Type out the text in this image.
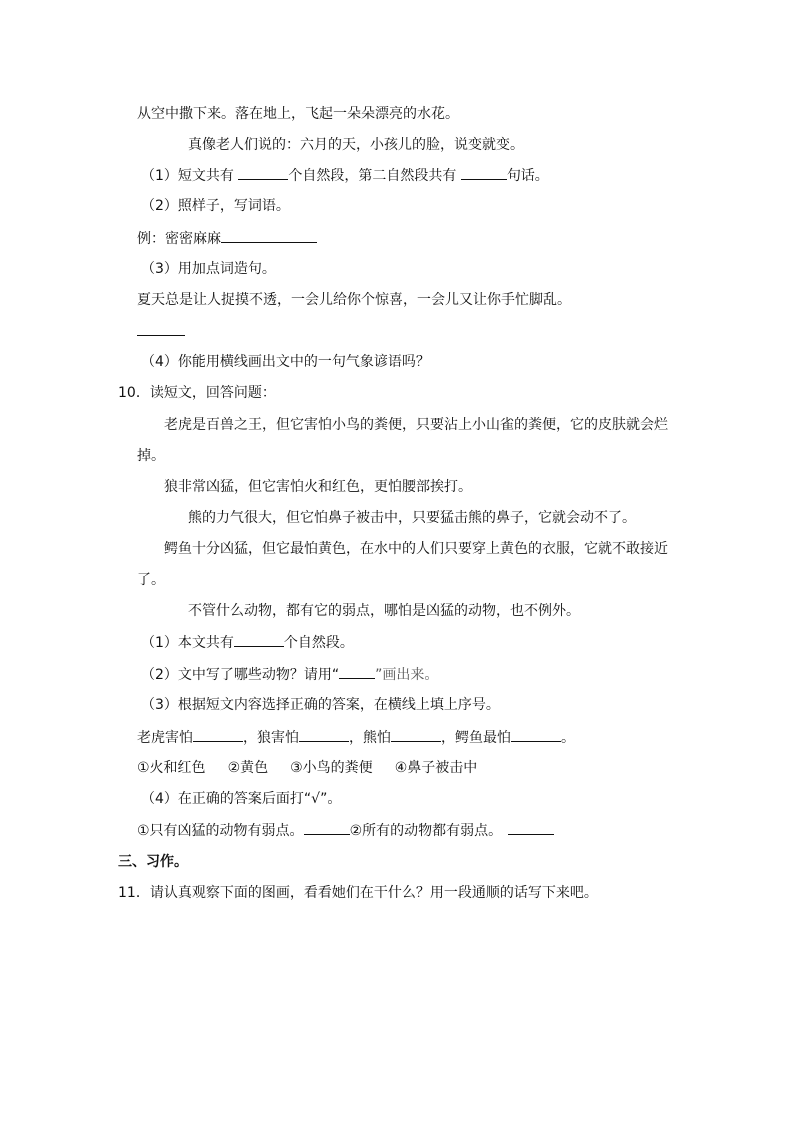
从空中撒下来。落在地上，飞起一朵朵漂亮的水花。
真像老人们说的：六月的天，小孩儿的脸，说变就变。
（1）短文共有	个自然段，第二自然段共有	句话。
（2）照样子，写词语。
例：密密麻麻
（3）用加点词造句。
夏天总是让人捉摸不透，一会儿给你个惊喜，一会儿又让你手忙脚乱。
（4）你能用横线画出文中的一句气象谚语吗？
10．读短文，回答问题：
老虎是百兽之王，但它害怕小鸟的粪便，只要沾上小山雀的粪便，它的皮肤就会烂
掉。
狼非常凶猛，但它害怕火和红色，更怕腰部挨打。
熊的力气很大，但它怕鼻子被击中，只要猛击熊的鼻子，它就会动不了。
鳄鱼十分凶猛，但它最怕黄色，在水中的人们只要穿上黄色的衣服，它就不敢接近
了。
不管什么动物，都有它的弱点，哪怕是凶猛的动物，也不例外。
（1）本文共有	个自然段。
（2）文中写了哪些动物？请用“	”画出来。
（3）根据短文内容选择正确的答案，在横线上填上序号。
老虎害怕	，狼害怕	，熊怕	，鳄鱼最怕	。
①火和红色 ②黄色 ③小鸟的粪便 ④鼻子被击中
（4）在正确的答案后面打“√”。
①只有凶猛的动物有弱点。	②所有的动物都有弱点。
三、习作。
11．请认真观察下面的图画，看看她们在干什么？用一段通顺的话写下来吧。
